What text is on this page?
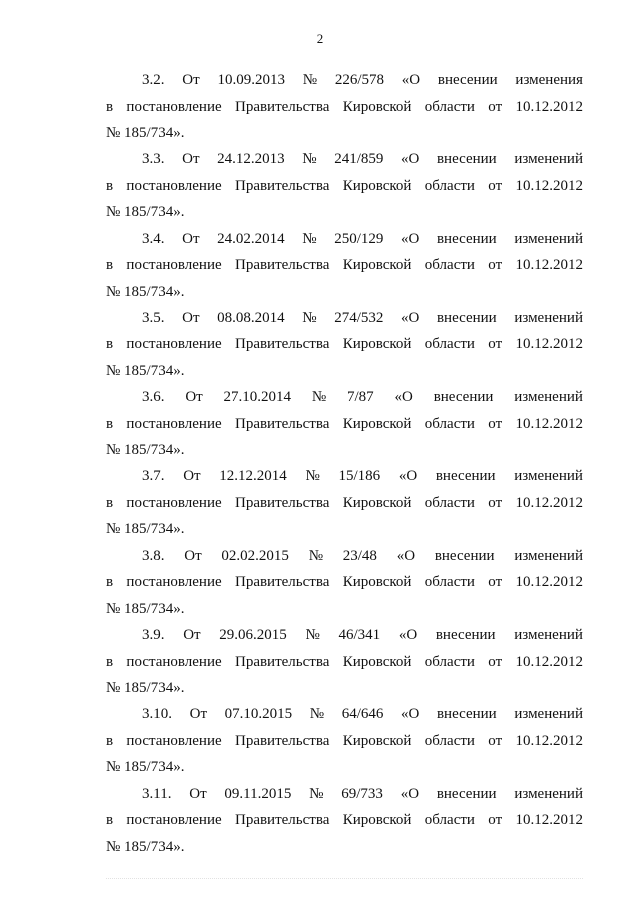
2
3.2. От 10.09.2013 № 226/578 «О внесении изменения
в постановление Правительства Кировской области от 10.12.2012
№ 185/734».
3.3. От 24.12.2013 № 241/859 «О внесении изменений
в постановление Правительства Кировской области от 10.12.2012
№ 185/734».
3.4. От 24.02.2014 № 250/129 «О внесении изменений
в постановление Правительства Кировской области от 10.12.2012
№ 185/734».
3.5. От 08.08.2014 № 274/532 «О внесении изменений
в постановление Правительства Кировской области от 10.12.2012
№ 185/734».
3.6. От 27.10.2014 № 7/87 «О внесении изменений
в постановление Правительства Кировской области от 10.12.2012
№ 185/734».
3.7. От 12.12.2014 № 15/186 «О внесении изменений
в постановление Правительства Кировской области от 10.12.2012
№ 185/734».
3.8. От 02.02.2015 № 23/48 «О внесении изменений
в постановление Правительства Кировской области от 10.12.2012
№ 185/734».
3.9. От 29.06.2015 № 46/341 «О внесении изменений
в постановление Правительства Кировской области от 10.12.2012
№ 185/734».
3.10. От 07.10.2015 № 64/646 «О внесении изменений
в постановление Правительства Кировской области от 10.12.2012
№ 185/734».
3.11. От 09.11.2015 № 69/733 «О внесении изменений
в постановление Правительства Кировской области от 10.12.2012
№ 185/734».
